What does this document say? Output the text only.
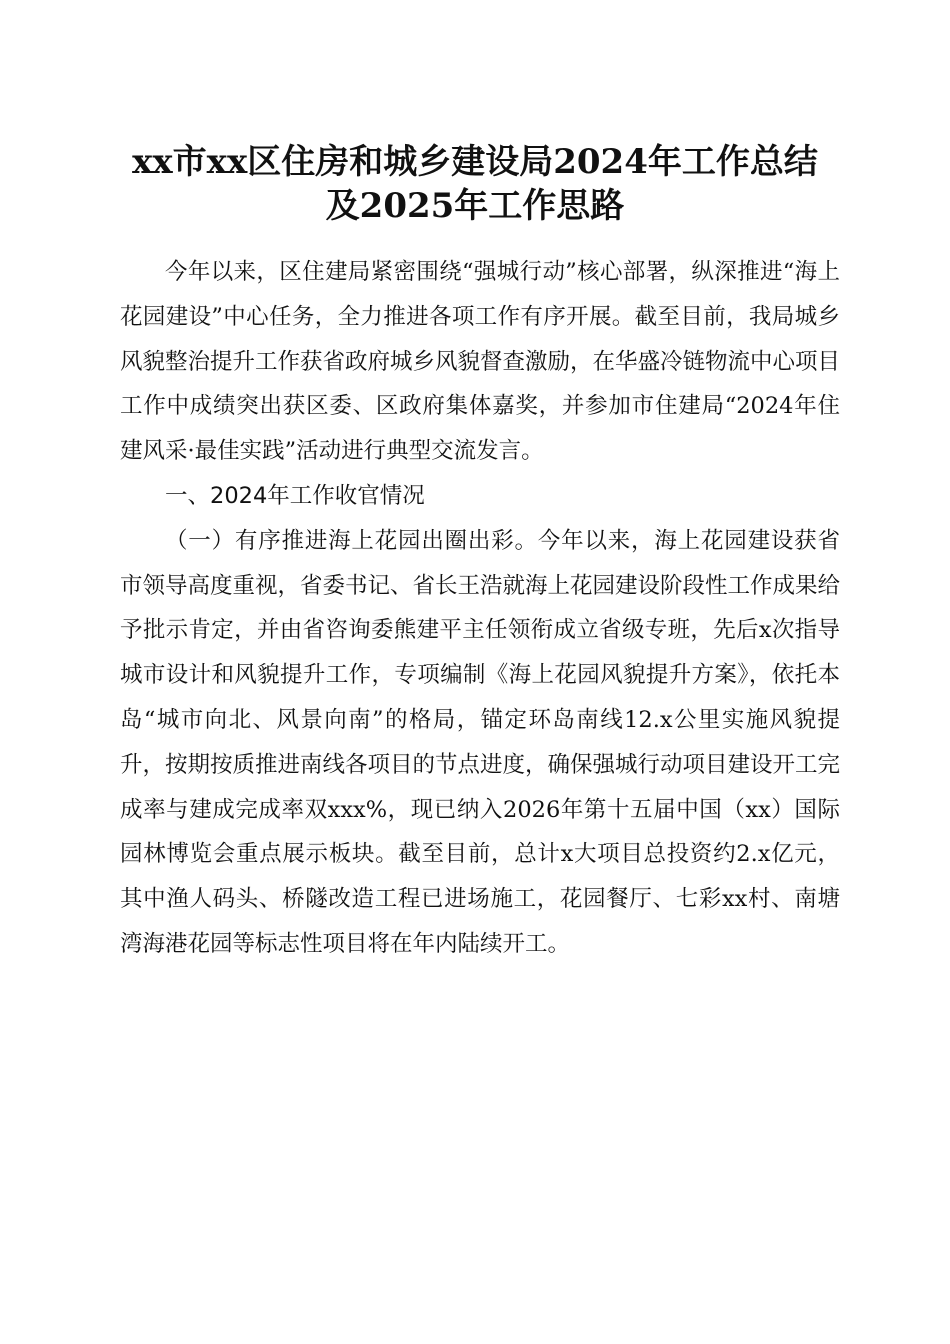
xx市xx区住房和城乡建设局2024年工作总结
及2025年工作思路

今年以来，区住建局紧密围绕“强城行动”核心部署，纵深推进“海上花园建设”中心任务，全力推进各项工作有序开展。截至目前，我局城乡风貌整治提升工作获省政府城乡风貌督查激励，在华盛冷链物流中心项目工作中成绩突出获区委、区政府集体嘉奖，并参加市住建局“2024年住建风采·最佳实践”活动进行典型交流发言。

一、2024年工作收官情况

（一）有序推进海上花园出圈出彩。今年以来，海上花园建设获省市领导高度重视，省委书记、省长王浩就海上花园建设阶段性工作成果给予批示肯定，并由省咨询委熊建平主任领衔成立省级专班，先后x次指导城市设计和风貌提升工作，专项编制《海上花园风貌提升方案》，依托本岛“城市向北、风景向南”的格局，锚定环岛南线12.x公里实施风貌提升，按期按质推进南线各项目的节点进度，确保强城行动项目建设开工完成率与建成完成率双xxx%，现已纳入2026年第十五届中国（xx）国际园林博览会重点展示板块。截至目前，总计x大项目总投资约2.x亿元，其中渔人码头、桥隧改造工程已进场施工，花园餐厅、七彩xx村、南塘湾海港花园等标志性项目将在年内陆续开工。
